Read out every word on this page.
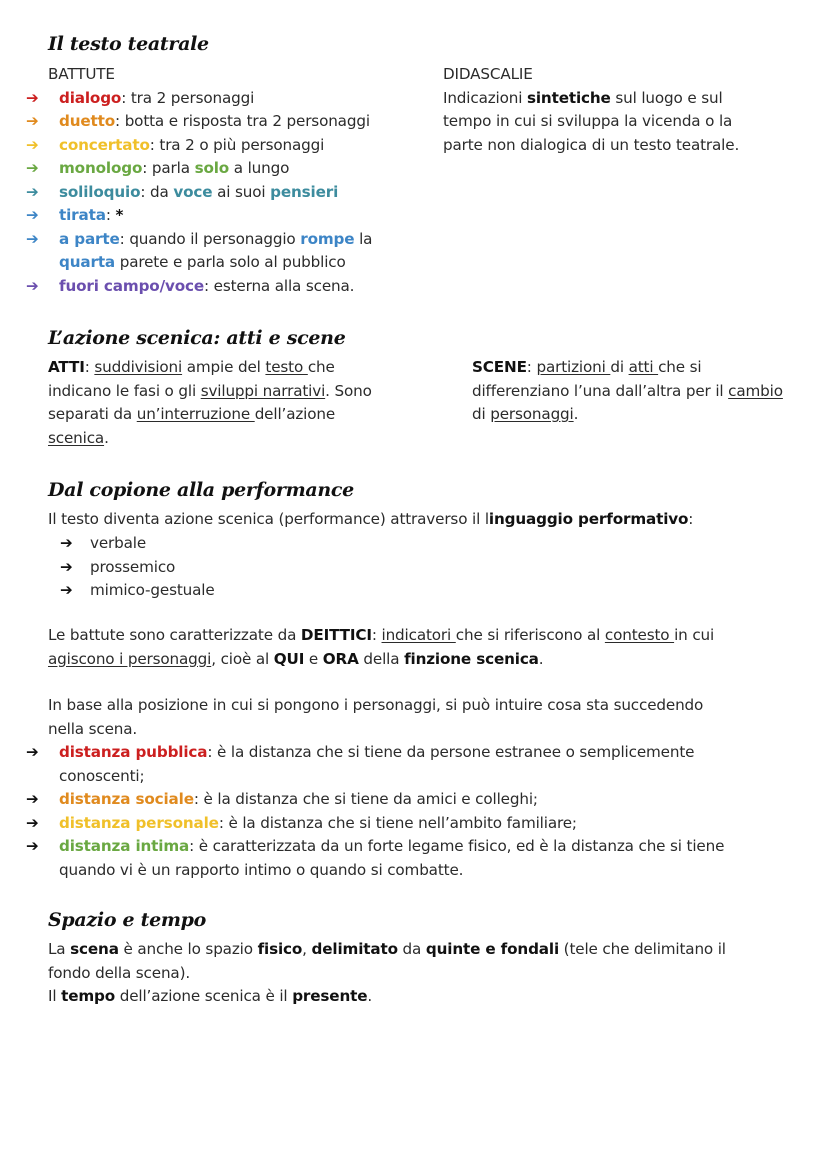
Il testo teatrale
BATTUTE
➔ dialogo: tra 2 personaggi
➔ duetto: botta e risposta tra 2 personaggi
➔ concertato: tra 2 o più personaggi
➔ monologo: parla solo a lungo
➔ soliloquio: da voce ai suoi pensieri
➔ tirata: *
➔ a parte: quando il personaggio rompe la
quarta parete e parla solo al pubblico
➔ fuori campo/voce: esterna alla scena.
DIDASCALIE
Indicazioni sintetiche sul luogo e sul
tempo in cui si sviluppa la vicenda o la
parte non dialogica di un testo teatrale.
L’azione scenica: atti e scene
ATTI: suddivisioni ampie del testo che
indicano le fasi o gli sviluppi narrativi. Sono
separati da un’interruzione dell’azione
scenica.
SCENE: partizioni di atti che si
differenziano l’una dall’altra per il cambio
di personaggi.
Dal copione alla performance
Il testo diventa azione scenica (performance) attraverso il linguaggio performativo:
➔ verbale
➔ prossemico
➔ mimico-gestuale
Le battute sono caratterizzate da DEITTICI: indicatori che si riferiscono al contesto in cui
agiscono i personaggi, cioè al QUI e ORA della finzione scenica.
In base alla posizione in cui si pongono i personaggi, si può intuire cosa sta succedendo
nella scena.
➔ distanza pubblica: è la distanza che si tiene da persone estranee o semplicemente
conoscenti;
➔ distanza sociale: è la distanza che si tiene da amici e colleghi;
➔ distanza personale: è la distanza che si tiene nell’ambito familiare;
➔ distanza intima: è caratterizzata da un forte legame fisico, ed è la distanza che si tiene
quando vi è un rapporto intimo o quando si combatte.
Spazio e tempo
La scena è anche lo spazio fisico, delimitato da quinte e fondali (tele che delimitano il
fondo della scena).
Il tempo dell’azione scenica è il presente.
